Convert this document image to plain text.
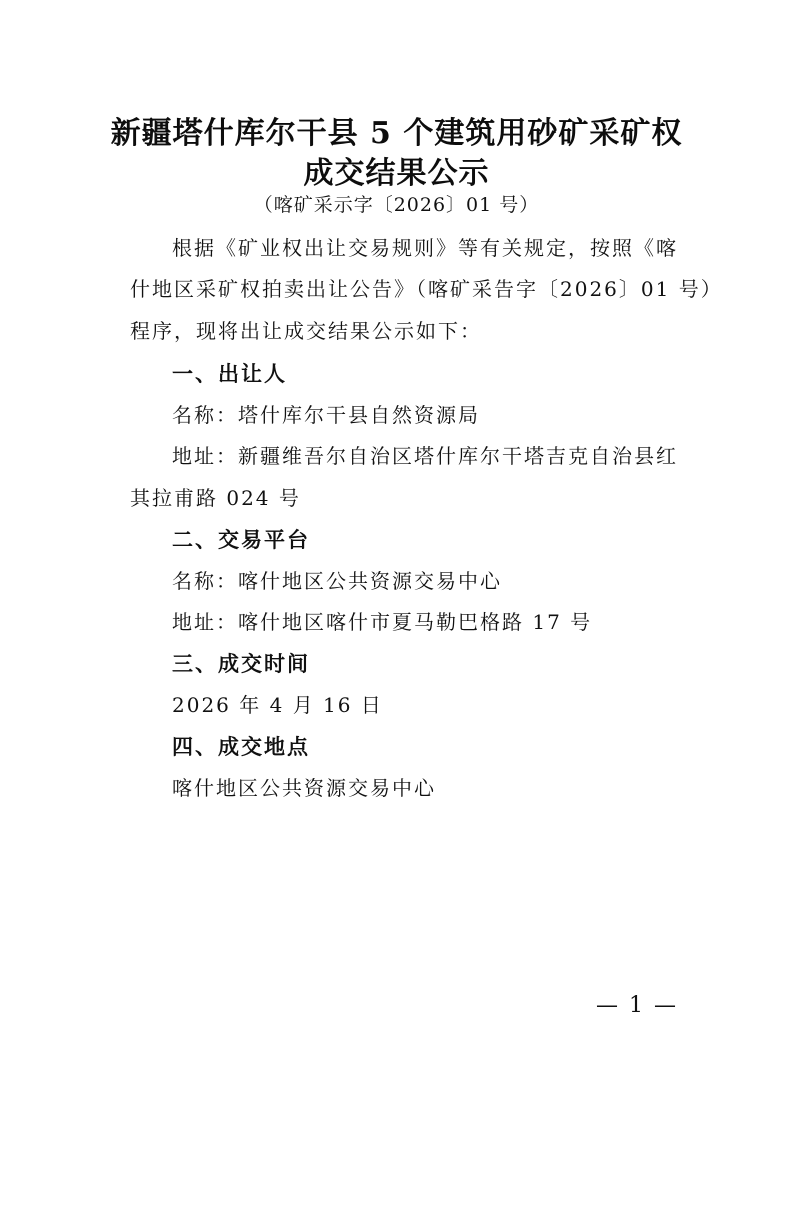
新疆塔什库尔干县 5 个建筑用砂矿采矿权
成交结果公示
（喀矿采示字〔2026〕01 号）
根据《矿业权出让交易规则》等有关规定，按照《喀
什地区采矿权拍卖出让公告》（喀矿采告字〔2026〕01 号）
程序，现将出让成交结果公示如下：
一、出让人
名称：塔什库尔干县自然资源局
地址：新疆维吾尔自治区塔什库尔干塔吉克自治县红
其拉甫路 024 号
二、交易平台
名称：喀什地区公共资源交易中心
地址：喀什地区喀什市夏马勒巴格路 17 号
三、成交时间
2026 年 4 月 16 日
四、成交地点
喀什地区公共资源交易中心
— 1 —
